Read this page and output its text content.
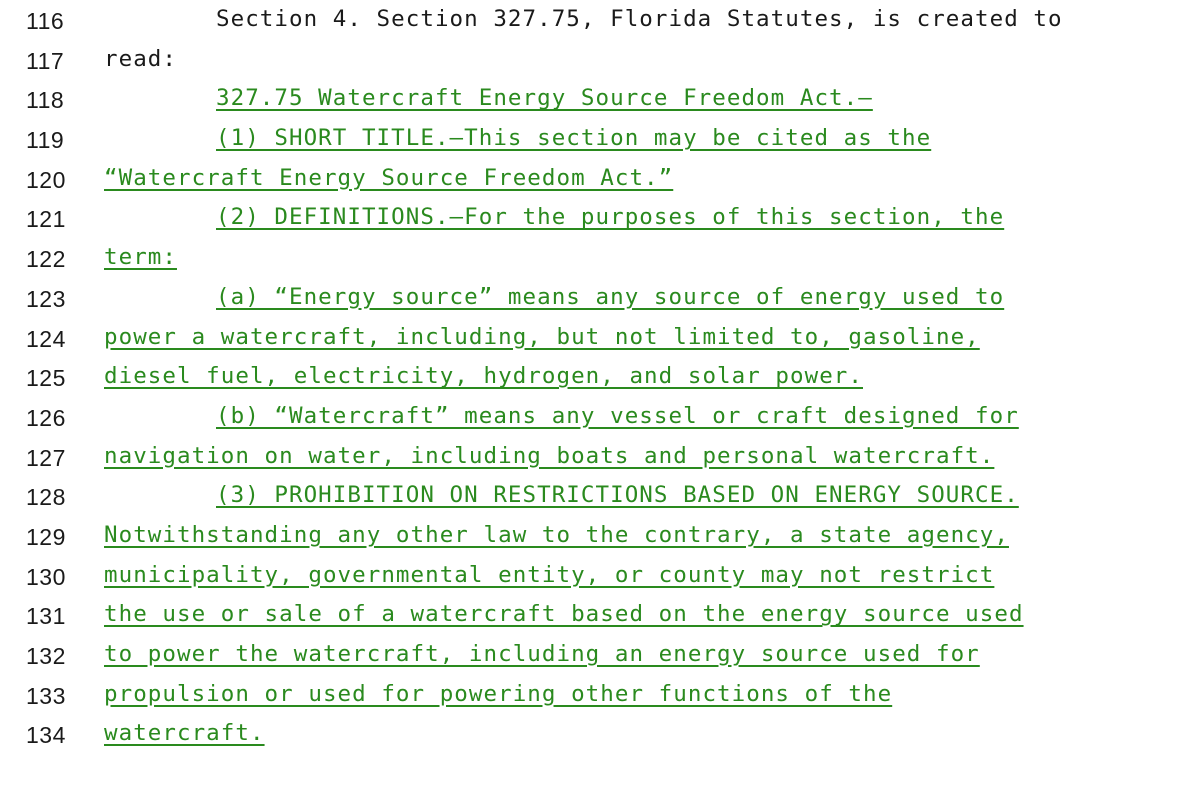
116

	Section 4. Section 327.75, Florida Statutes, is created to

117

read:

118

	327.75 Watercraft Energy Source Freedom Act.—

119

	(1) SHORT TITLE.—This section may be cited as the

120

“Watercraft Energy Source Freedom Act.”

121

	(2) DEFINITIONS.—For the purposes of this section, the

122

term:

123

	(a) “Energy source” means any source of energy used to

124

power a watercraft, including, but not limited to, gasoline,

125

diesel fuel, electricity, hydrogen, and solar power.

126

	(b) “Watercraft” means any vessel or craft designed for

127

navigation on water, including boats and personal watercraft.

128

	(3) PROHIBITION ON RESTRICTIONS BASED ON ENERGY SOURCE.

129

Notwithstanding any other law to the contrary, a state agency,

130

municipality, governmental entity, or county may not restrict

131

the use or sale of a watercraft based on the energy source used

132

to power the watercraft, including an energy source used for

133

propulsion or used for powering other functions of the

134

watercraft.
